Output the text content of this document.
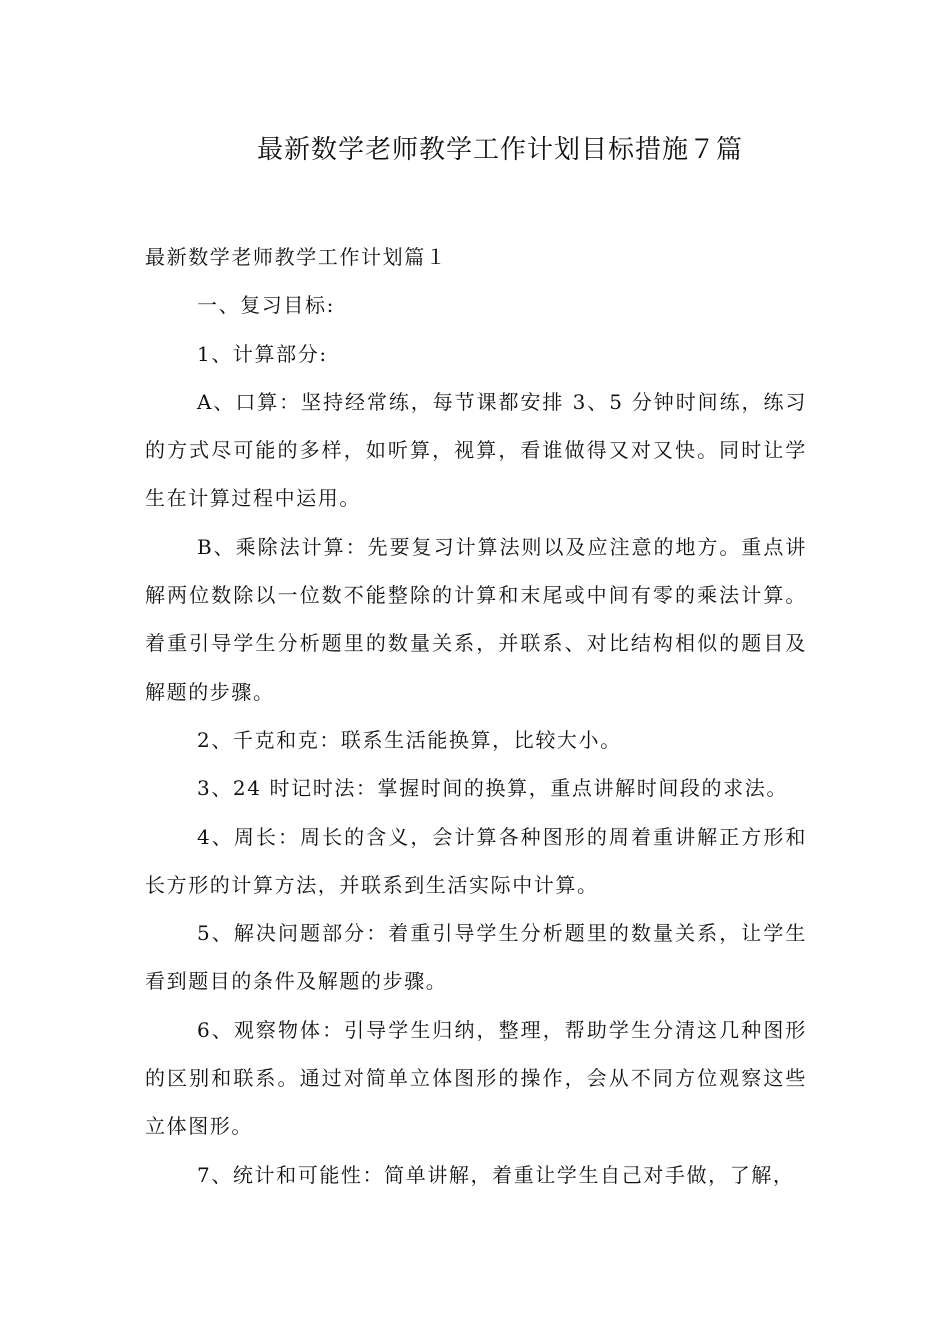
最新数学老师教学工作计划目标措施７篇

最新数学老师教学工作计划篇１

一、复习目标:

1、计算部分:

A、口算：坚持经常练，每节课都安排 3、5 分钟时间练，练习的方式尽可能的多样，如听算，视算，看谁做得又对又快。同时让学生在计算过程中运用。

B、乘除法计算：先要复习计算法则以及应注意的地方。重点讲解两位数除以一位数不能整除的计算和末尾或中间有零的乘法计算。着重引导学生分析题里的数量关系，并联系、对比结构相似的题目及解题的步骤。

2、千克和克：联系生活能换算，比较大小。

3、24 时记时法：掌握时间的换算，重点讲解时间段的求法。

4、周长：周长的含义，会计算各种图形的周着重讲解正方形和长方形的计算方法，并联系到生活实际中计算。

5、解决问题部分：着重引导学生分析题里的数量关系，让学生看到题目的条件及解题的步骤。

6、观察物体：引导学生归纳，整理，帮助学生分清这几种图形的区别和联系。通过对简单立体图形的操作，会从不同方位观察这些立体图形。

7、统计和可能性：简单讲解，着重让学生自己对手做，了解，
